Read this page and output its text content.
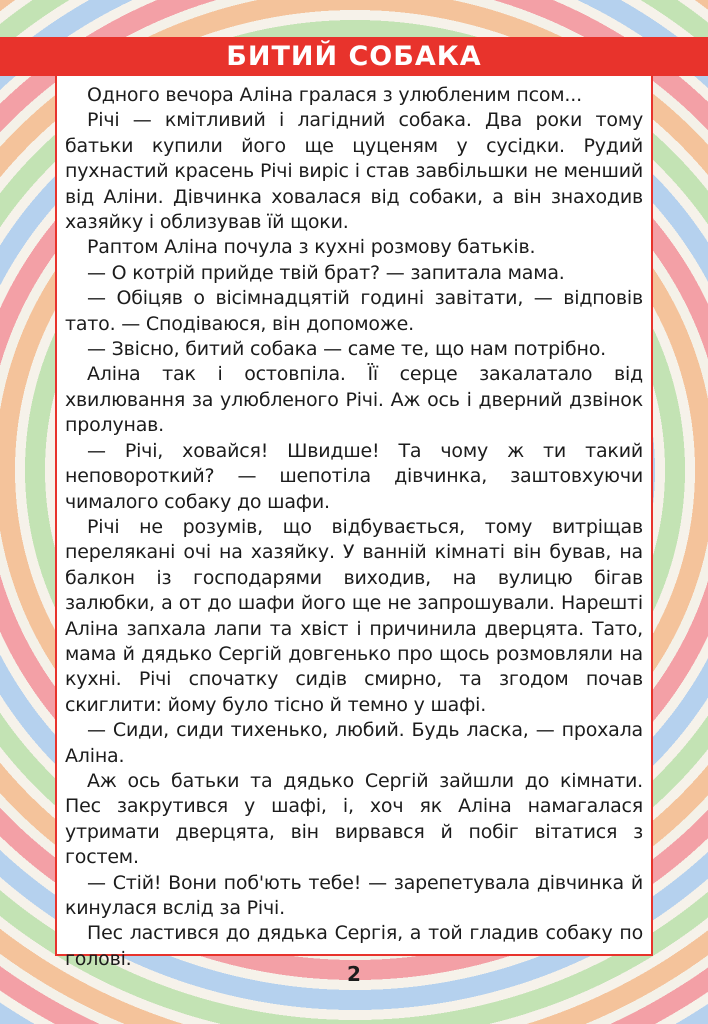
БИТИЙ СОБАКА

Одного вечора Аліна гралася з улюбленим псом...

Річі — кмітливий і лагідний собака. Два роки тому батьки купили його ще цуценям у сусідки. Рудий пухнастий красень Річі виріс і став завбільшки не менший від Аліни. Дівчинка ховалася від собаки, а він знаходив хазяйку і облизував їй щоки.

Раптом Аліна почула з кухні розмову батьків.

— О котрій прийде твій брат? — запитала мама.

— Обіцяв о вісімнадцятій годині завітати, — відповів тато. — Сподіваюся, він допоможе.

— Звісно, битий собака — саме те, що нам потрібно.

Аліна так і остовпіла. Її серце закалатало від хвилювання за улюбленого Річі. Аж ось і дверний дзвінок пролунав.

— Річі, ховайся! Швидше! Та чому ж ти такий неповороткий? — шепотіла дівчинка, заштовхуючи чималого собаку до шафи.

Річі не розумів, що відбувається, тому витріщав перелякані очі на хазяйку. У ванній кімнаті він бував, на балкон із господарями виходив, на вулицю бігав залюбки, а от до шафи його ще не запрошували. Нарешті Аліна запхала лапи та хвіст і причинила дверцята. Тато, мама й дядько Сергій довгенько про щось розмовляли на кухні. Річі спочатку сидів смирно, та згодом почав скиглити: йому було тісно й темно у шафі.

— Сиди, сиди тихенько, любий. Будь ласка, — прохала Аліна.

Аж ось батьки та дядько Сергій зайшли до кімнати. Пес закрутився у шафі, і, хоч як Аліна намагалася утримати дверцята, він вирвався й побіг вітатися з гостем.

— Стій! Вони поб'ють тебе! — зарепетувала дівчинка й кинулася вслід за Річі.

Пес ластився до дядька Сергія, а той гладив собаку по голові.

2
